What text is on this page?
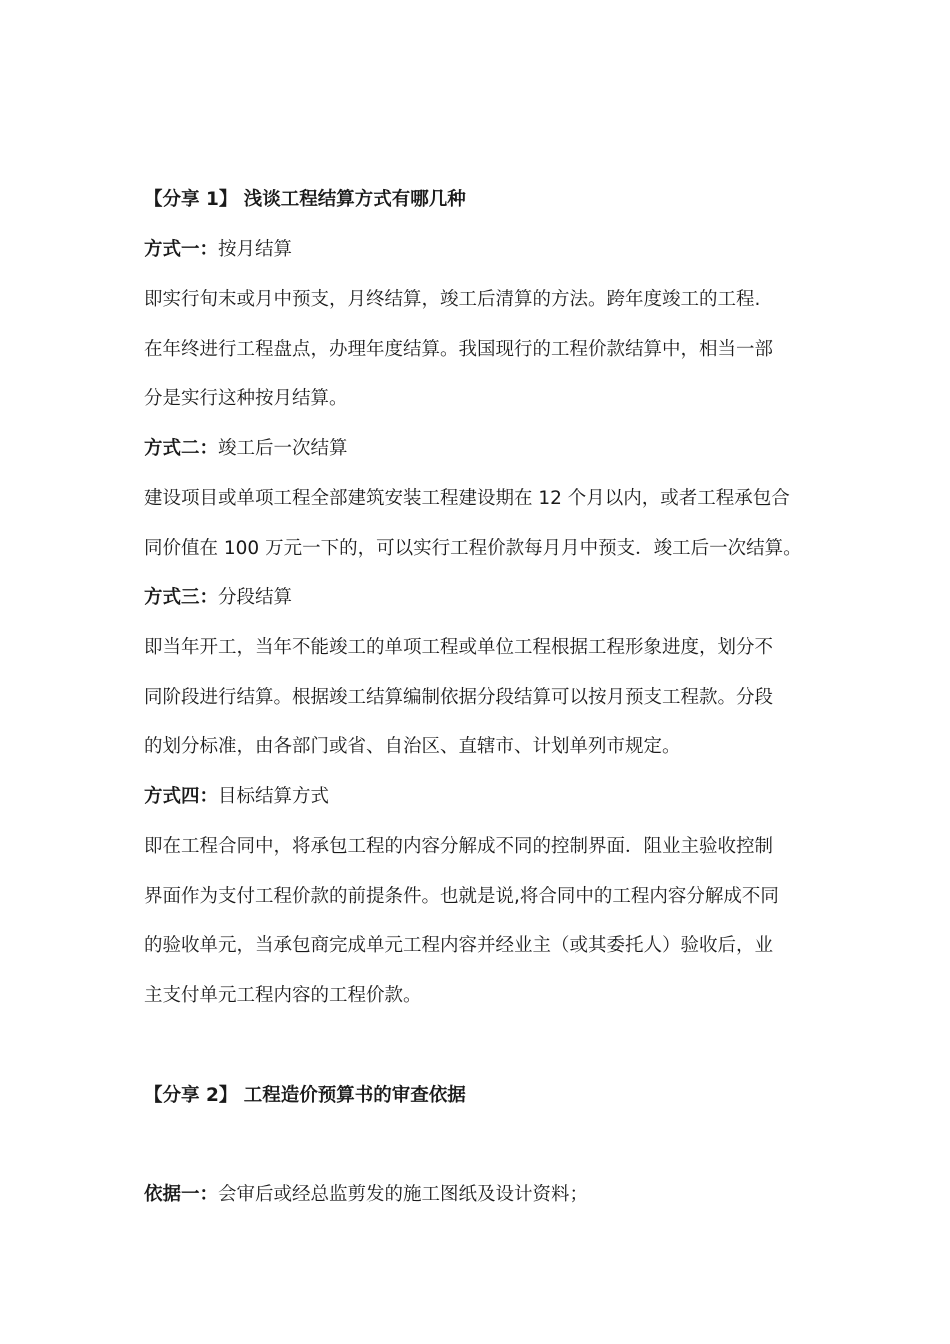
【分享 1】 浅谈工程结算方式有哪几种
方式一：按月结算
即实行旬末或月中预支，月终结算，竣工后清算的方法。跨年度竣工的工程.
在年终进行工程盘点，办理年度结算。我国现行的工程价款结算中，相当一部
分是实行这种按月结算。
方式二：竣工后一次结算
建设项目或单项工程全部建筑安装工程建设期在 12 个月以内，或者工程承包合
同价值在 100 万元一下的，可以实行工程价款每月月中预支．竣工后一次结算。
方式三：分段结算
即当年开工，当年不能竣工的单项工程或单位工程根据工程形象进度，划分不
同阶段进行结算。根据竣工结算编制依据分段结算可以按月预支工程款。分段
的划分标准，由各部门或省、自治区、直辖市、计划单列市规定。
方式四：目标结算方式
即在工程合同中，将承包工程的内容分解成不同的控制界面．阻业主验收控制
界面作为支付工程价款的前提条件。也就是说,将合同中的工程内容分解成不同
的验收单元，当承包商完成单元工程内容并经业主（或其委托人）验收后，业
主支付单元工程内容的工程价款。
【分享 2】 工程造价预算书的审查依据
依据一：会审后或经总监剪发的施工图纸及设计资料；
